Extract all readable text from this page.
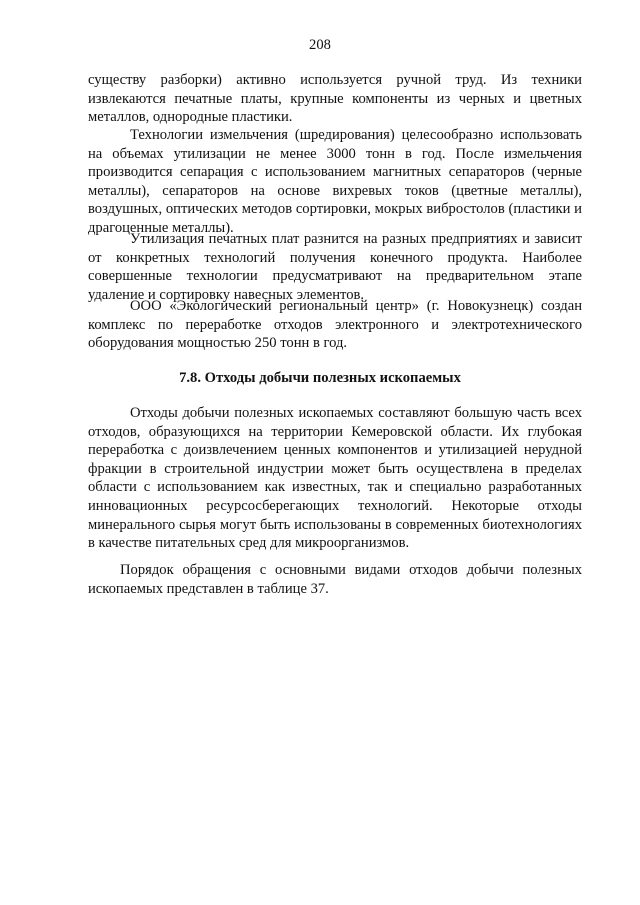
208

существу разборки) активно используется ручной труд. Из техники извлекаются печатные платы, крупные компоненты из черных и цветных металлов, однородные пластики.

Технологии измельчения (шредирования) целесообразно использовать на объемах утилизации не менее 3000 тонн в год. После измельчения производится сепарация с использованием магнитных сепараторов (черные металлы), сепараторов на основе вихревых токов (цветные металлы), воздушных, оптических методов сортировки, мокрых вибростолов (пластики и драгоценные металлы).

Утилизация печатных плат разнится на разных предприятиях и зависит от конкретных технологий получения конечного продукта. Наиболее совершенные технологии предусматривают на предварительном этапе удаление и сортировку навесных элементов.

ООО «Экологический региональный центр» (г. Новокузнецк) создан комплекс по переработке отходов электронного и электротехнического оборудования мощностью 250 тонн в год.

7.8. Отходы добычи полезных ископаемых

Отходы добычи полезных ископаемых составляют большую часть всех отходов, образующихся на территории Кемеровской области. Их глубокая переработка с доизвлечением ценных компонентов и утилизацией нерудной фракции в строительной индустрии может быть осуществлена в пределах области с использованием как известных, так и специально разработанных инновационных ресурсосберегающих технологий. Некоторые отходы минерального сырья могут быть использованы в современных биотехнологиях в качестве питательных сред для микроорганизмов.

Порядок обращения с основными видами отходов добычи полезных ископаемых представлен в таблице 37.
